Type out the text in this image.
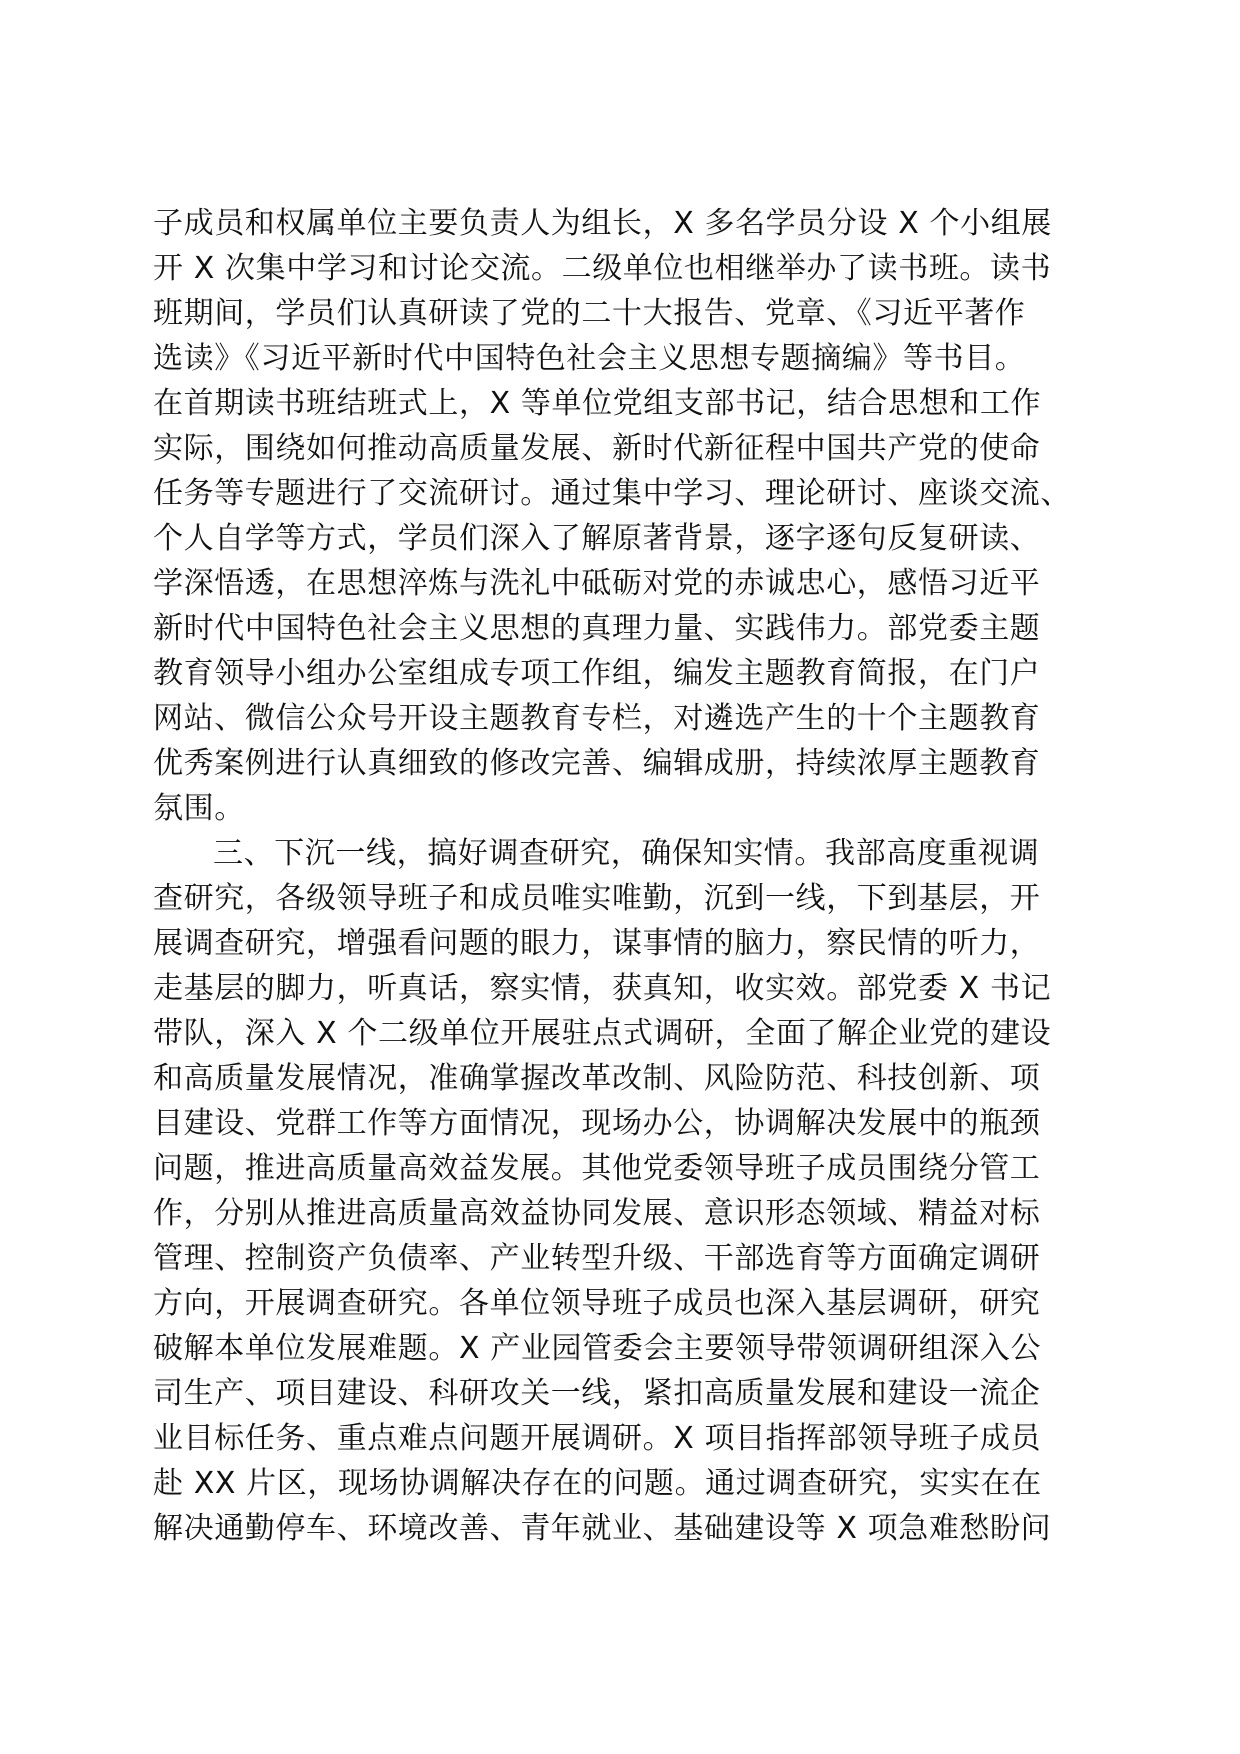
子成员和权属单位主要负责人为组长，X 多名学员分设 X 个小组展
开 X 次集中学习和讨论交流。二级单位也相继举办了读书班。读书
班期间，学员们认真研读了党的二十大报告、党章、《习近平著作
选读》《习近平新时代中国特色社会主义思想专题摘编》等书目。
在首期读书班结班式上，X 等单位党组支部书记，结合思想和工作
实际，围绕如何推动高质量发展、新时代新征程中国共产党的使命
任务等专题进行了交流研讨。通过集中学习、理论研讨、座谈交流、
个人自学等方式，学员们深入了解原著背景，逐字逐句反复研读、
学深悟透，在思想淬炼与洗礼中砥砺对党的赤诚忠心，感悟习近平
新时代中国特色社会主义思想的真理力量、实践伟力。部党委主题
教育领导小组办公室组成专项工作组，编发主题教育简报，在门户
网站、微信公众号开设主题教育专栏，对遴选产生的十个主题教育
优秀案例进行认真细致的修改完善、编辑成册，持续浓厚主题教育
氛围。
三、下沉一线，搞好调查研究，确保知实情。我部高度重视调
查研究，各级领导班子和成员唯实唯勤，沉到一线，下到基层，开
展调查研究，增强看问题的眼力，谋事情的脑力，察民情的听力，
走基层的脚力，听真话，察实情，获真知，收实效。部党委 X 书记
带队，深入 X 个二级单位开展驻点式调研，全面了解企业党的建设
和高质量发展情况，准确掌握改革改制、风险防范、科技创新、项
目建设、党群工作等方面情况，现场办公，协调解决发展中的瓶颈
问题，推进高质量高效益发展。其他党委领导班子成员围绕分管工
作，分别从推进高质量高效益协同发展、意识形态领域、精益对标
管理、控制资产负债率、产业转型升级、干部选育等方面确定调研
方向，开展调查研究。各单位领导班子成员也深入基层调研，研究
破解本单位发展难题。X 产业园管委会主要领导带领调研组深入公
司生产、项目建设、科研攻关一线，紧扣高质量发展和建设一流企
业目标任务、重点难点问题开展调研。X 项目指挥部领导班子成员
赴 XX 片区，现场协调解决存在的问题。通过调查研究，实实在在
解决通勤停车、环境改善、青年就业、基础建设等 X 项急难愁盼问
